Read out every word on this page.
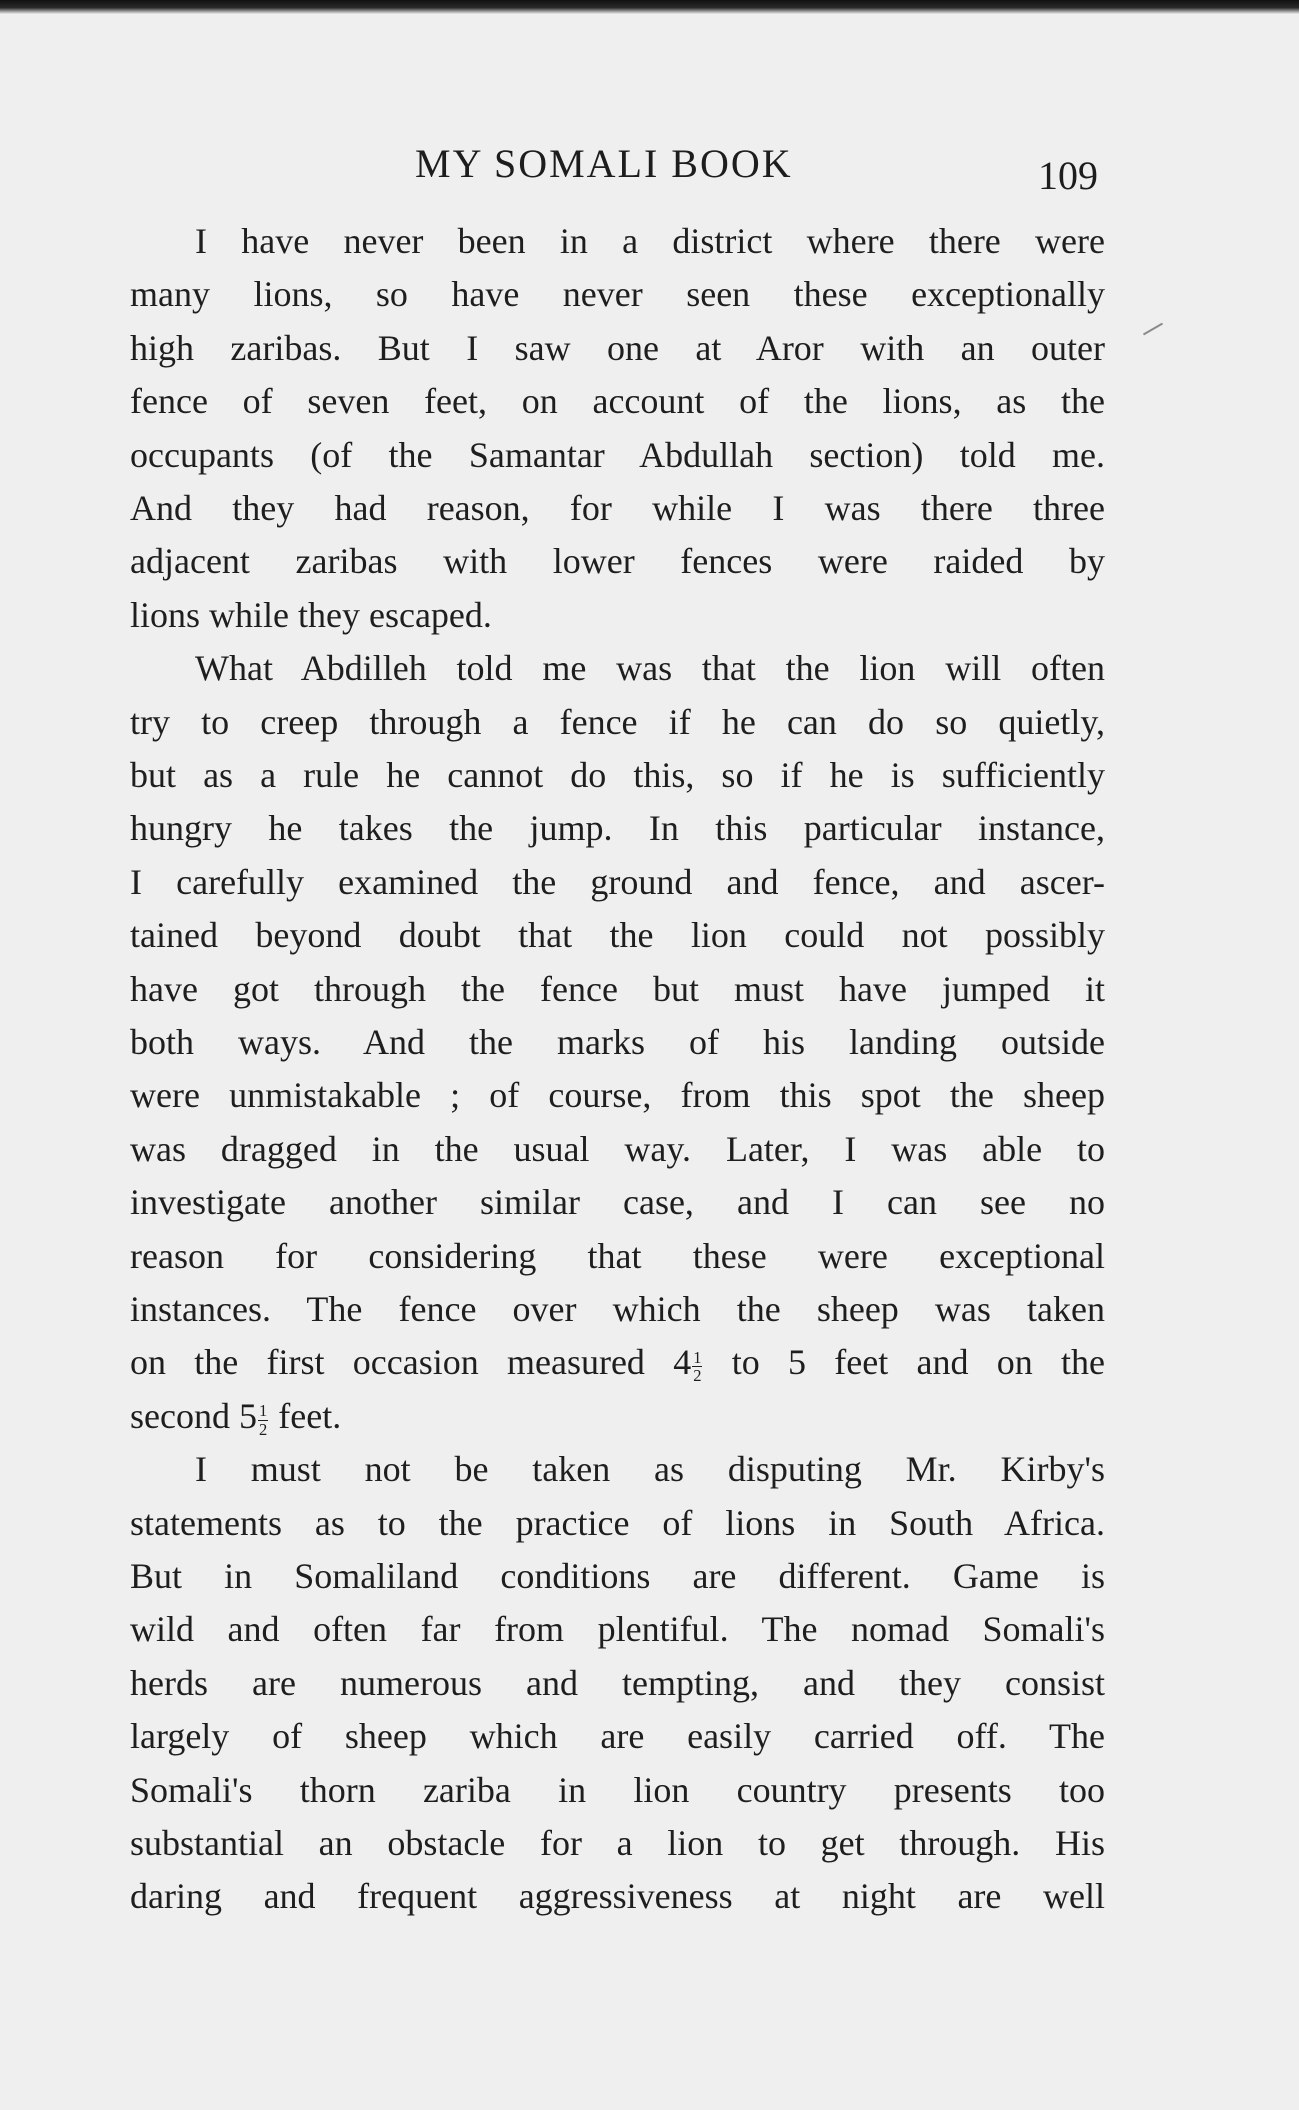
MY SOMALI BOOK	109
I have never been in a district where there were
many lions, so have never seen these exceptionally
high zaribas. But I saw one at Aror with an outer
fence of seven feet, on account of the lions, as the
occupants (of the Samantar Abdullah section) told me.
And they had reason, for while I was there three
adjacent zaribas with lower fences were raided by
lions while they escaped.
What Abdilleh told me was that the lion will often
try to creep through a fence if he can do so quietly,
but as a rule he cannot do this, so if he is sufficiently
hungry he takes the jump. In this particular instance,
I carefully examined the ground and fence, and ascer-
tained beyond doubt that the lion could not possibly
have got through the fence but must have jumped it
both ways. And the marks of his landing outside
were unmistakable ; of course, from this spot the sheep
was dragged in the usual way. Later, I was able to
investigate another similar case, and I can see no
reason for considering that these were exceptional
instances. The fence over which the sheep was taken
on the first occasion measured $4 \frac{1}{2}$ to 5 feet and on the
second $5 \frac{1}{2}$ feet.
I must not be taken as disputing Mr. Kirby's
statements as to the practice of lions in South Africa.
But in Somaliland conditions are different. Game is
wild and often far from plentiful. The nomad Somali's
herds are numerous and tempting, and they consist
largely of sheep which are easily carried off. The
Somali's thorn zariba in lion country presents too
substantial an obstacle for a lion to get through. His
daring and frequent aggressiveness at night are well
